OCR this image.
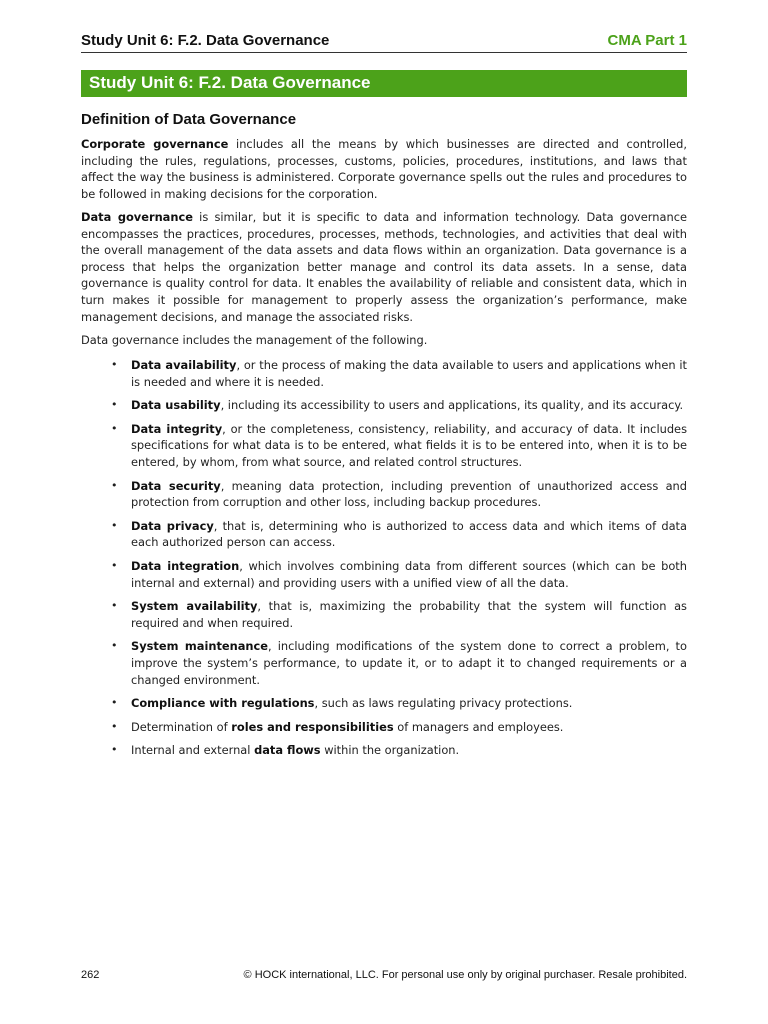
Study Unit 6: F.2. Data Governance	CMA Part 1
Study Unit 6: F.2. Data Governance
Definition of Data Governance

Corporate governance includes all the means by which businesses are directed and controlled, including the rules, regulations, processes, customs, policies, procedures, institutions, and laws that affect the way the business is administered. Corporate governance spells out the rules and procedures to be followed in making decisions for the corporation.

Data governance is similar, but it is specific to data and information technology. Data governance encompasses the practices, procedures, processes, methods, technologies, and activities that deal with the overall management of the data assets and data flows within an organization. Data governance is a process that helps the organization better manage and control its data assets. In a sense, data governance is quality control for data. It enables the availability of reliable and consistent data, which in turn makes it possible for management to properly assess the organization’s performance, make management decisions, and manage the associated risks.

Data governance includes the management of the following.

• Data availability, or the process of making the data available to users and applications when it is needed and where it is needed.
• Data usability, including its accessibility to users and applications, its quality, and its accuracy.
• Data integrity, or the completeness, consistency, reliability, and accuracy of data. It includes specifications for what data is to be entered, what fields it is to be entered into, when it is to be entered, by whom, from what source, and related control structures.
• Data security, meaning data protection, including prevention of unauthorized access and protection from corruption and other loss, including backup procedures.
• Data privacy, that is, determining who is authorized to access data and which items of data each authorized person can access.
• Data integration, which involves combining data from different sources (which can be both internal and external) and providing users with a unified view of all the data.
• System availability, that is, maximizing the probability that the system will function as required and when required.
• System maintenance, including modifications of the system done to correct a problem, to improve the system’s performance, to update it, or to adapt it to changed requirements or a changed environment.
• Compliance with regulations, such as laws regulating privacy protections.
• Determination of roles and responsibilities of managers and employees.
• Internal and external data flows within the organization.
262	© HOCK international, LLC. For personal use only by original purchaser. Resale prohibited.
